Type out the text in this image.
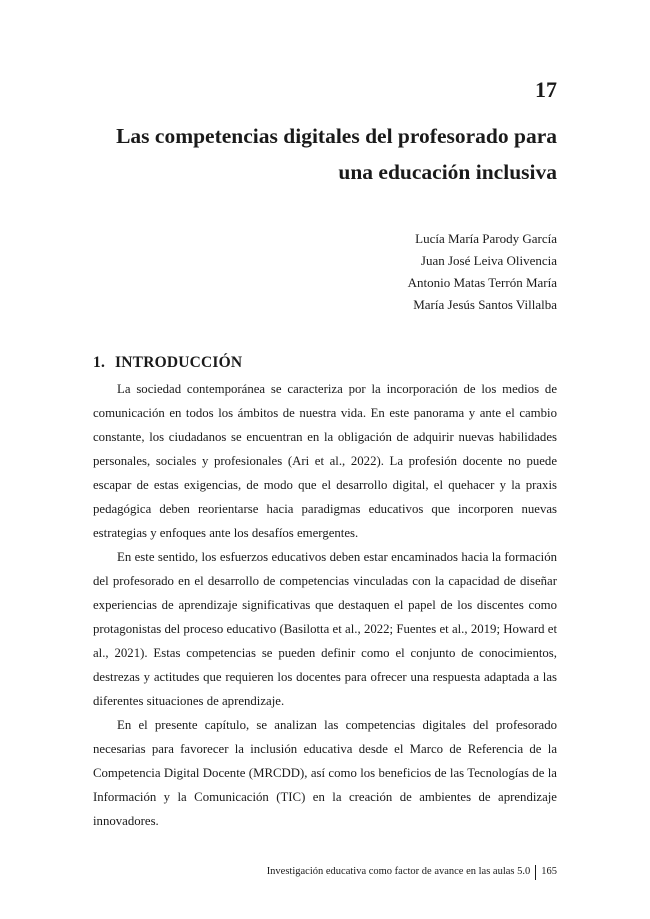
17
Las competencias digitales del profesorado para una educación inclusiva
Lucía María Parody García
Juan José Leiva Olivencia
Antonio Matas Terrón María
María Jesús Santos Villalba
1. INTRODUCCIÓN

La sociedad contemporánea se caracteriza por la incorporación de los medios de comunicación en todos los ámbitos de nuestra vida. En este panorama y ante el cambio constante, los ciudadanos se encuentran en la obligación de adquirir nuevas habilidades personales, sociales y profesionales (Ari et al., 2022). La profesión docente no puede escapar de estas exigencias, de modo que el desarrollo digital, el quehacer y la praxis pedagógica deben reorientarse hacia paradigmas educativos que incorporen nuevas estrategias y enfoques ante los desafíos emergentes.

En este sentido, los esfuerzos educativos deben estar encaminados hacia la formación del profesorado en el desarrollo de competencias vinculadas con la capacidad de diseñar experiencias de aprendizaje significativas que destaquen el papel de los discentes como protagonistas del proceso educativo (Basilotta et al., 2022; Fuentes et al., 2019; Howard et al., 2021). Estas competencias se pueden definir como el conjunto de conocimientos, destrezas y actitudes que requieren los docentes para ofrecer una respuesta adaptada a las diferentes situaciones de aprendizaje.

En el presente capítulo, se analizan las competencias digitales del profesorado necesarias para favorecer la inclusión educativa desde el Marco de Referencia de la Competencia Digital Docente (MRCDD), así como los beneficios de las Tecnologías de la Información y la Comunicación (TIC) en la creación de ambientes de aprendizaje innovadores.

Investigación educativa como factor de avance en las aulas 5.0 165
